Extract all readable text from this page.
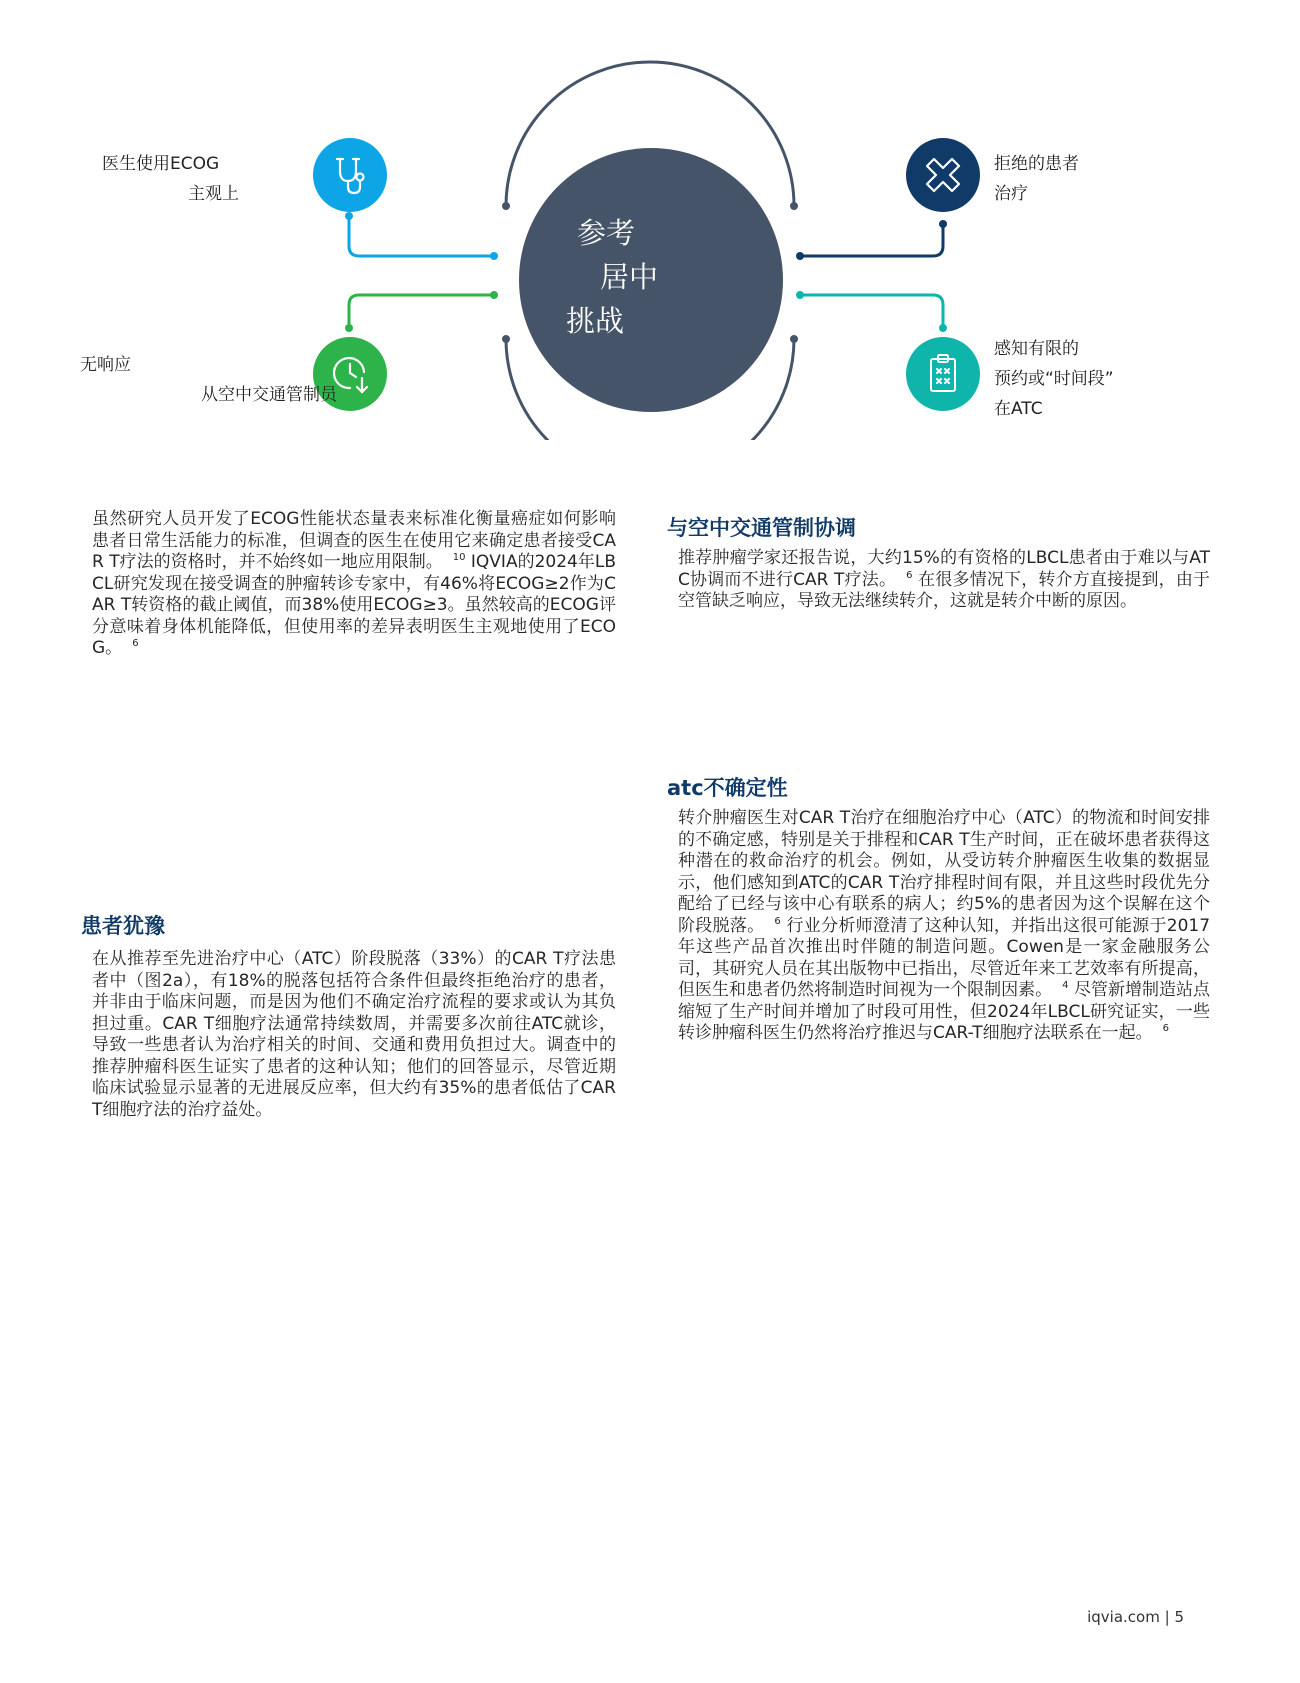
参考
居中
挑战
医生使用ECOG
主观上
拒绝的患者
治疗
无响应
从空中交通管制员
感知有限的
预约或“时间段”
在ATC
虽然研究人员开发了ECOG性能状态量表来标准化衡量癌症如何影响患者日常生活能力的标准，但调查的医生在使用它来确定患者接受CAR T疗法的资格时，并不始终如一地应用限制。 $^{10}$ IQVIA的2024年LBCL研究发现在接受调查的肿瘤转诊专家中，有46%将ECOG≥2作为CAR T转资格的截止阈值，而38%使用ECOG≥3。虽然较高的ECOG评分意味着身体机能降低，但使用率的差异表明医生主观地使用了ECOG。 $^6$
患者犹豫
在从推荐至先进治疗中心（ATC）阶段脱落（33%）的CAR T疗法患者中（图2a），有18%的脱落包括符合条件但最终拒绝治疗的患者，并非由于临床问题，而是因为他们不确定治疗流程的要求或认为其负担过重。CAR T细胞疗法通常持续数周，并需要多次前往ATC就诊，导致一些患者认为治疗相关的时间、交通和费用负担过大。调查中的推荐肿瘤科医生证实了患者的这种认知；他们的回答显示，尽管近期临床试验显示显著的无进展反应率，但大约有35%的患者低估了CAR T细胞疗法的治疗益处。
与空中交通管制协调
推荐肿瘤学家还报告说，大约15%的有资格的LBCL患者由于难以与ATC协调而不进行CAR T疗法。 $^6$ 在很多情况下，转介方直接提到，由于空管缺乏响应，导致无法继续转介，这就是转介中断的原因。
atc不确定性
转介肿瘤医生对CAR T治疗在细胞治疗中心（ATC）的物流和时间安排的不确定感，特别是关于排程和CAR T生产时间，正在破坏患者获得这种潜在的救命治疗的机会。例如，从受访转介肿瘤医生收集的数据显示，他们感知到ATC的CAR T治疗排程时间有限，并且这些时段优先分配给了已经与该中心有联系的病人；约5%的患者因为这个误解在这个阶段脱落。 $^6$ 行业分析师澄清了这种认知，并指出这很可能源于2017年这些产品首次推出时伴随的制造问题。Cowen是一家金融服务公司，其研究人员在其出版物中已指出，尽管近年来工艺效率有所提高，但医生和患者仍然将制造时间视为一个限制因素。 $^4$ 尽管新增制造站点缩短了生产时间并增加了时段可用性，但2024年LBCL研究证实，一些转诊肿瘤科医生仍然将治疗推迟与CAR-T细胞疗法联系在一起。 $^6$
iqvia.com | 5
